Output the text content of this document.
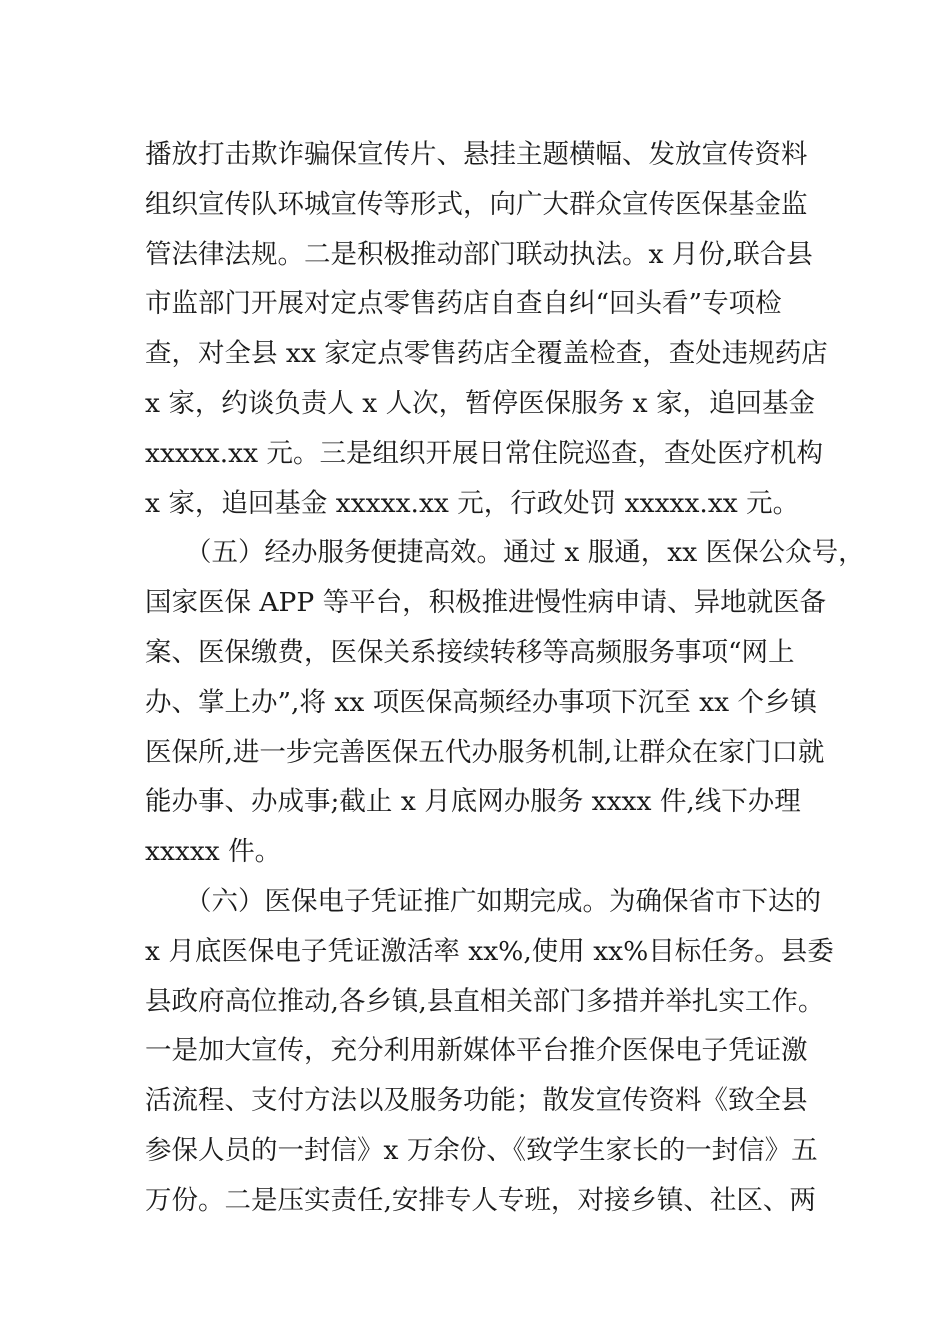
播放打击欺诈骗保宣传片、悬挂主题横幅、发放宣传资料
组织宣传队环城宣传等形式，向广大群众宣传医保基金监
管法律法规。二是积极推动部门联动执法。x 月份,联合县
市监部门开展对定点零售药店自查自纠“回头看”专项检
查，对全县 xx 家定点零售药店全覆盖检查，查处违规药店
x 家，约谈负责人 x 人次，暂停医保服务 x 家，追回基金
xxxxx.xx 元。三是组织开展日常住院巡查，查处医疗机构
x 家，追回基金 xxxxx.xx 元，行政处罚 xxxxx.xx 元。
（五）经办服务便捷高效。通过 x 服通，xx 医保公众号，
国家医保 APP 等平台，积极推进慢性病申请、异地就医备
案、医保缴费，医保关系接续转移等高频服务事项“网上
办、掌上办”,将 xx 项医保高频经办事项下沉至 xx 个乡镇
医保所,进一步完善医保五代办服务机制,让群众在家门口就
能办事、办成事;截止 x 月底网办服务 xxxx 件,线下办理
xxxxx 件。
（六）医保电子凭证推广如期完成。为确保省市下达的
x 月底医保电子凭证激活率 xx%,使用 xx%目标任务。县委
县政府高位推动,各乡镇,县直相关部门多措并举扎实工作。
一是加大宣传，充分利用新媒体平台推介医保电子凭证激
活流程、支付方法以及服务功能；散发宣传资料《致全县
参保人员的一封信》x 万余份、《致学生家长的一封信》五
万份。二是压实责任,安排专人专班，对接乡镇、社区、两
